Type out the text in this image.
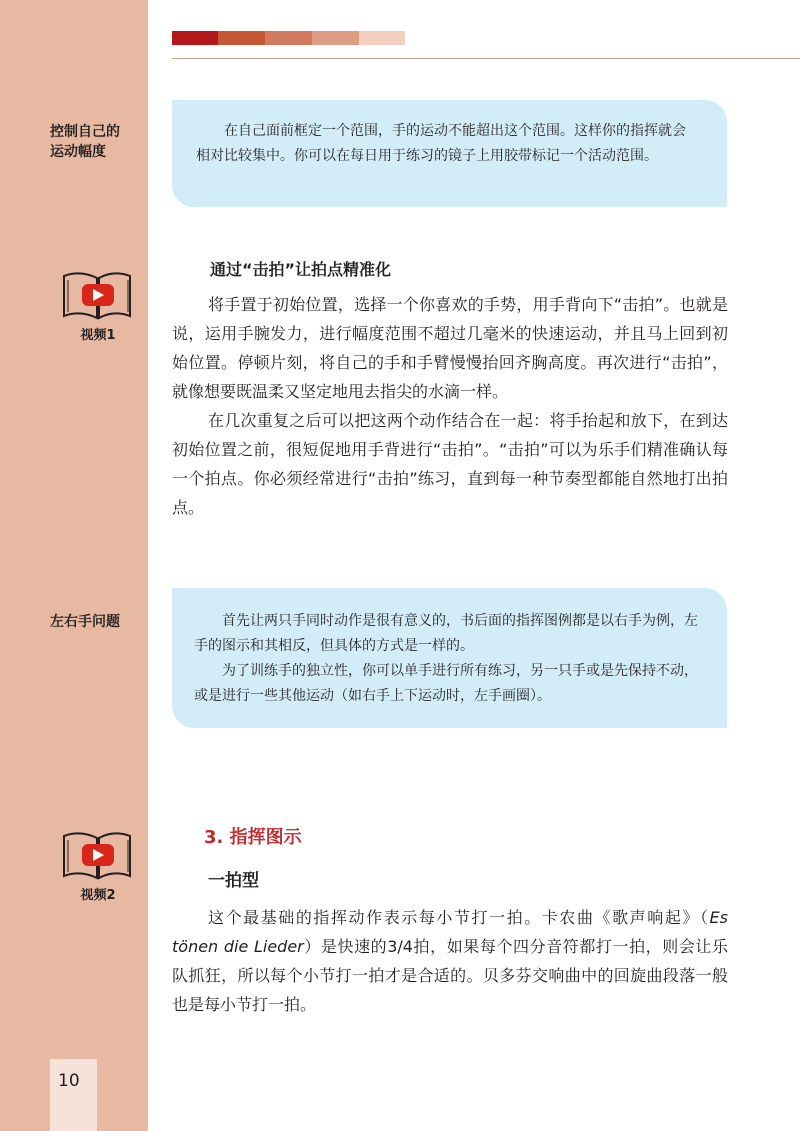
控制自己的
运动幅度
视频1
左右手问题
视频2
10

在自己面前框定一个范围，手的运动不能超出这个范围。这样你的指挥就会相对比较集中。你可以在每日用于练习的镜子上用胶带标记一个活动范围。

通过“击拍”让拍点精准化

将手置于初始位置，选择一个你喜欢的手势，用手背向下“击拍”。也就是说，运用手腕发力，进行幅度范围不超过几毫米的快速运动，并且马上回到初始位置。停顿片刻，将自己的手和手臂慢慢抬回齐胸高度。再次进行“击拍”，就像想要既温柔又坚定地甩去指尖的水滴一样。

在几次重复之后可以把这两个动作结合在一起：将手抬起和放下，在到达初始位置之前，很短促地用手背进行“击拍”。“击拍”可以为乐手们精准确认每一个拍点。你必须经常进行“击拍”练习，直到每一种节奏型都能自然地打出拍点。

首先让两只手同时动作是很有意义的，书后面的指挥图例都是以右手为例，左手的图示和其相反，但具体的方式是一样的。

为了训练手的独立性，你可以单手进行所有练习，另一只手或是先保持不动，或是进行一些其他运动（如右手上下运动时，左手画圈）。

3. 指挥图示
一拍型

这个最基础的指挥动作表示每小节打一拍。卡农曲《歌声响起》（Es tönen die Lieder）是快速的3/4拍，如果每个四分音符都打一拍，则会让乐队抓狂，所以每个小节打一拍才是合适的。贝多芬交响曲中的回旋曲段落一般也是每小节打一拍。
